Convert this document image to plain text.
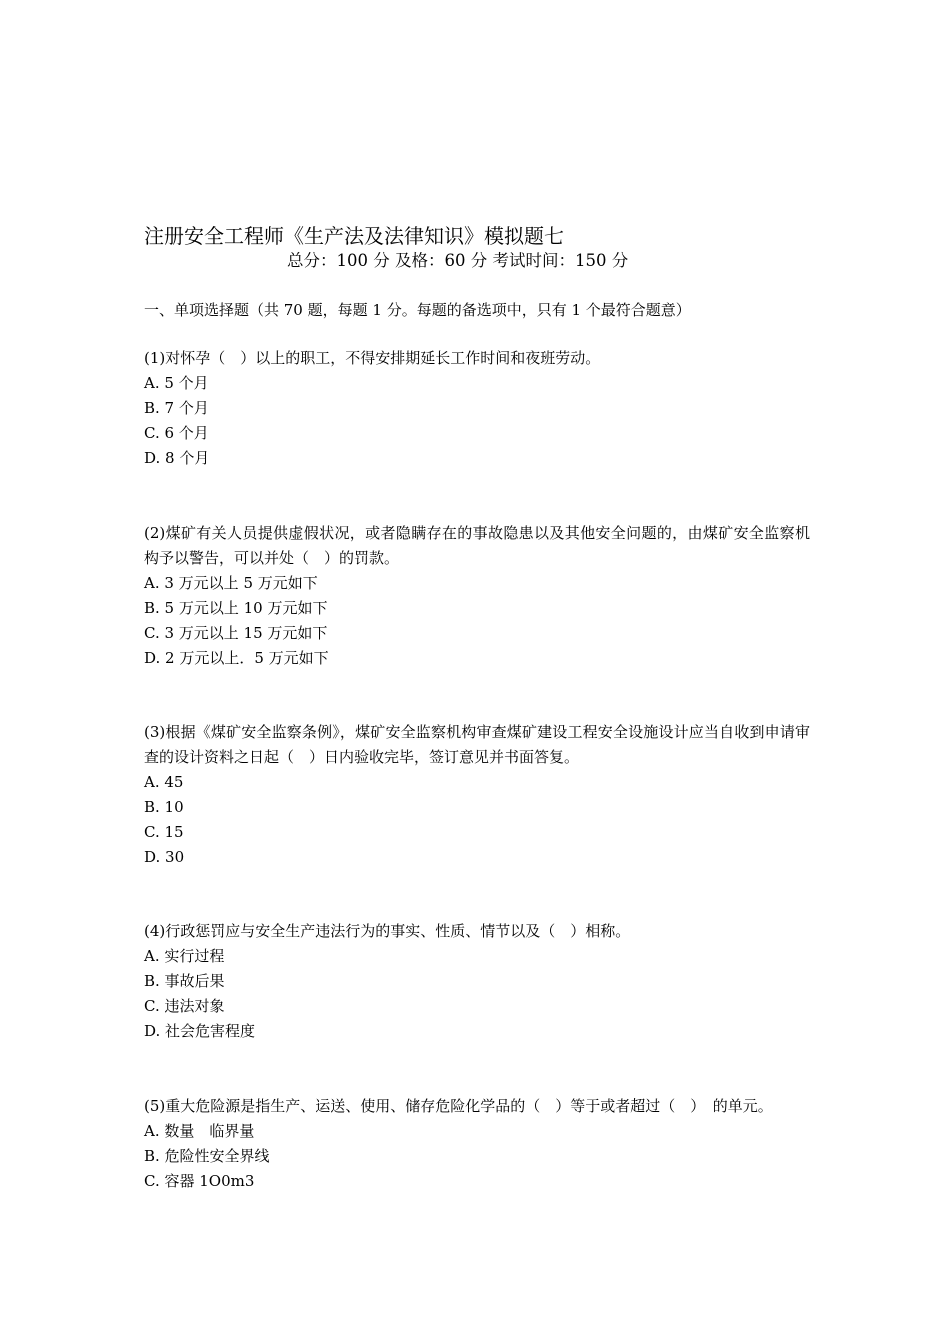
注册安全工程师《生产法及法律知识》模拟题七
总分：100 分 及格：60 分 考试时间：150 分
一、单项选择题（共 70 题，每题 1 分。每题的备选项中，只有 1 个最符合题意）

(1)对怀孕（　）以上的职工，不得安排期延长工作时间和夜班劳动。

A. 5 个月

B. 7 个月

C. 6 个月

D. 8 个月

(2)煤矿有关人员提供虚假状况，或者隐瞒存在的事故隐患以及其他安全问题的，由煤矿安全监察机构予以警告，可以并处（　）的罚款。

A. 3 万元以上 5 万元如下

B. 5 万元以上 10 万元如下

C. 3 万元以上 15 万元如下

D. 2 万元以上．5 万元如下

(3)根据《煤矿安全监察条例》，煤矿安全监察机构审查煤矿建设工程安全设施设计应当自收到申请审查的设计资料之日起（　）日内验收完毕，签订意见并书面答复。

A. 45

B. 10

C. 15

D. 30

(4)行政惩罚应与安全生产违法行为的事实、性质、情节以及（　）相称。

A. 实行过程

B. 事故后果

C. 违法对象

D. 社会危害程度

(5)重大危险源是指生产、运送、使用、储存危险化学品的（　）等于或者超过（　）　的单元。

A. 数量　临界量

B. 危险性安全界线

C. 容器 1O0m3
